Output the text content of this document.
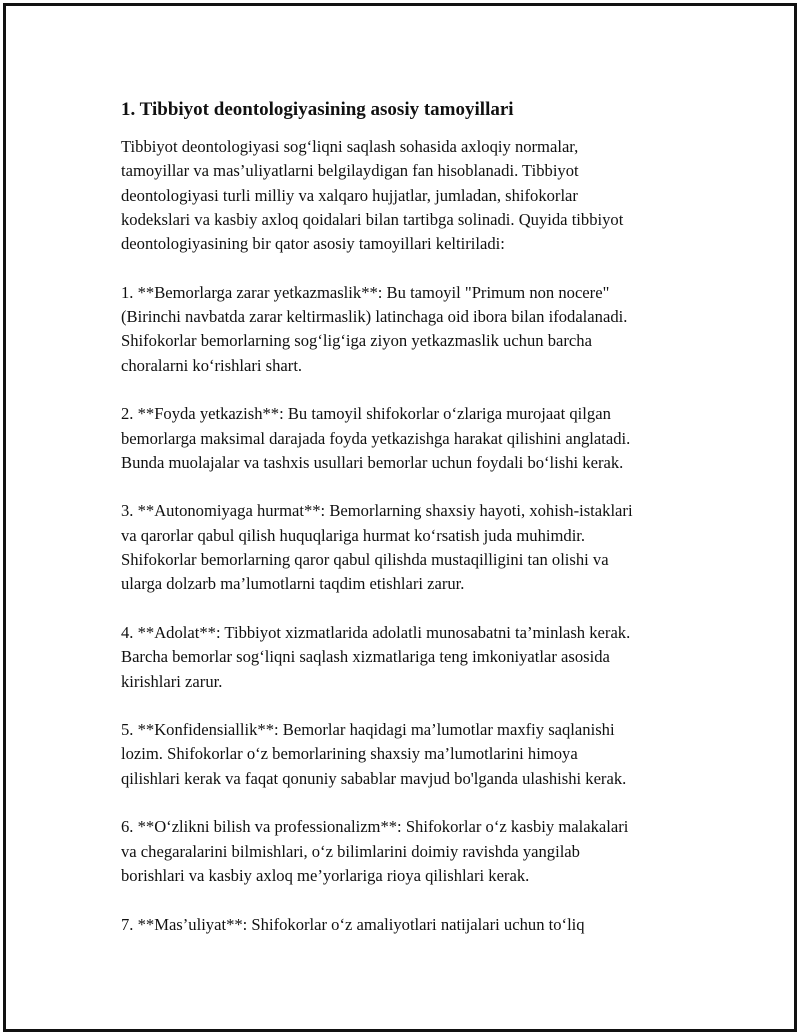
1. Tibbiyot deontologiyasining asosiy tamoyillari
Tibbiyot deontologiyasi sog‘liqni saqlash sohasida axloqiy normalar,
tamoyillar va mas’uliyatlarni belgilaydigan fan hisoblanadi. Tibbiyot
deontologiyasi turli milliy va xalqaro hujjatlar, jumladan, shifokorlar
kodekslari va kasbiy axloq qoidalari bilan tartibga solinadi. Quyida tibbiyot
deontologiyasining bir qator asosiy tamoyillari keltiriladi:
1. **Bemorlarga zarar yetkazmaslik**: Bu tamoyil "Primum non nocere"
(Birinchi navbatda zarar keltirmaslik) latinchaga oid ibora bilan ifodalanadi.
Shifokorlar bemorlarning sog‘lig‘iga ziyon yetkazmaslik uchun barcha
choralarni ko‘rishlari shart.
2. **Foyda yetkazish**: Bu tamoyil shifokorlar o‘zlariga murojaat qilgan
bemorlarga maksimal darajada foyda yetkazishga harakat qilishini anglatadi.
Bunda muolajalar va tashxis usullari bemorlar uchun foydali bo‘lishi kerak.
3. **Autonomiyaga hurmat**: Bemorlarning shaxsiy hayoti, xohish-istaklari
va qarorlar qabul qilish huquqlariga hurmat ko‘rsatish juda muhimdir.
Shifokorlar bemorlarning qaror qabul qilishda mustaqilligini tan olishi va
ularga dolzarb ma’lumotlarni taqdim etishlari zarur.
4. **Adolat**: Tibbiyot xizmatlarida adolatli munosabatni ta’minlash kerak.
Barcha bemorlar sog‘liqni saqlash xizmatlariga teng imkoniyatlar asosida
kirishlari zarur.
5. **Konfidensiallik**: Bemorlar haqidagi ma’lumotlar maxfiy saqlanishi
lozim. Shifokorlar o‘z bemorlarining shaxsiy ma’lumotlarini himoya
qilishlari kerak va faqat qonuniy sabablar mavjud bo'lganda ulashishi kerak.
6. **O‘zlikni bilish va professionalizm**: Shifokorlar o‘z kasbiy malakalari
va chegaralarini bilmishlari, o‘z bilimlarini doimiy ravishda yangilab
borishlari va kasbiy axloq me’yorlariga rioya qilishlari kerak.
7. **Mas’uliyat**: Shifokorlar o‘z amaliyotlari natijalari uchun to‘liq
